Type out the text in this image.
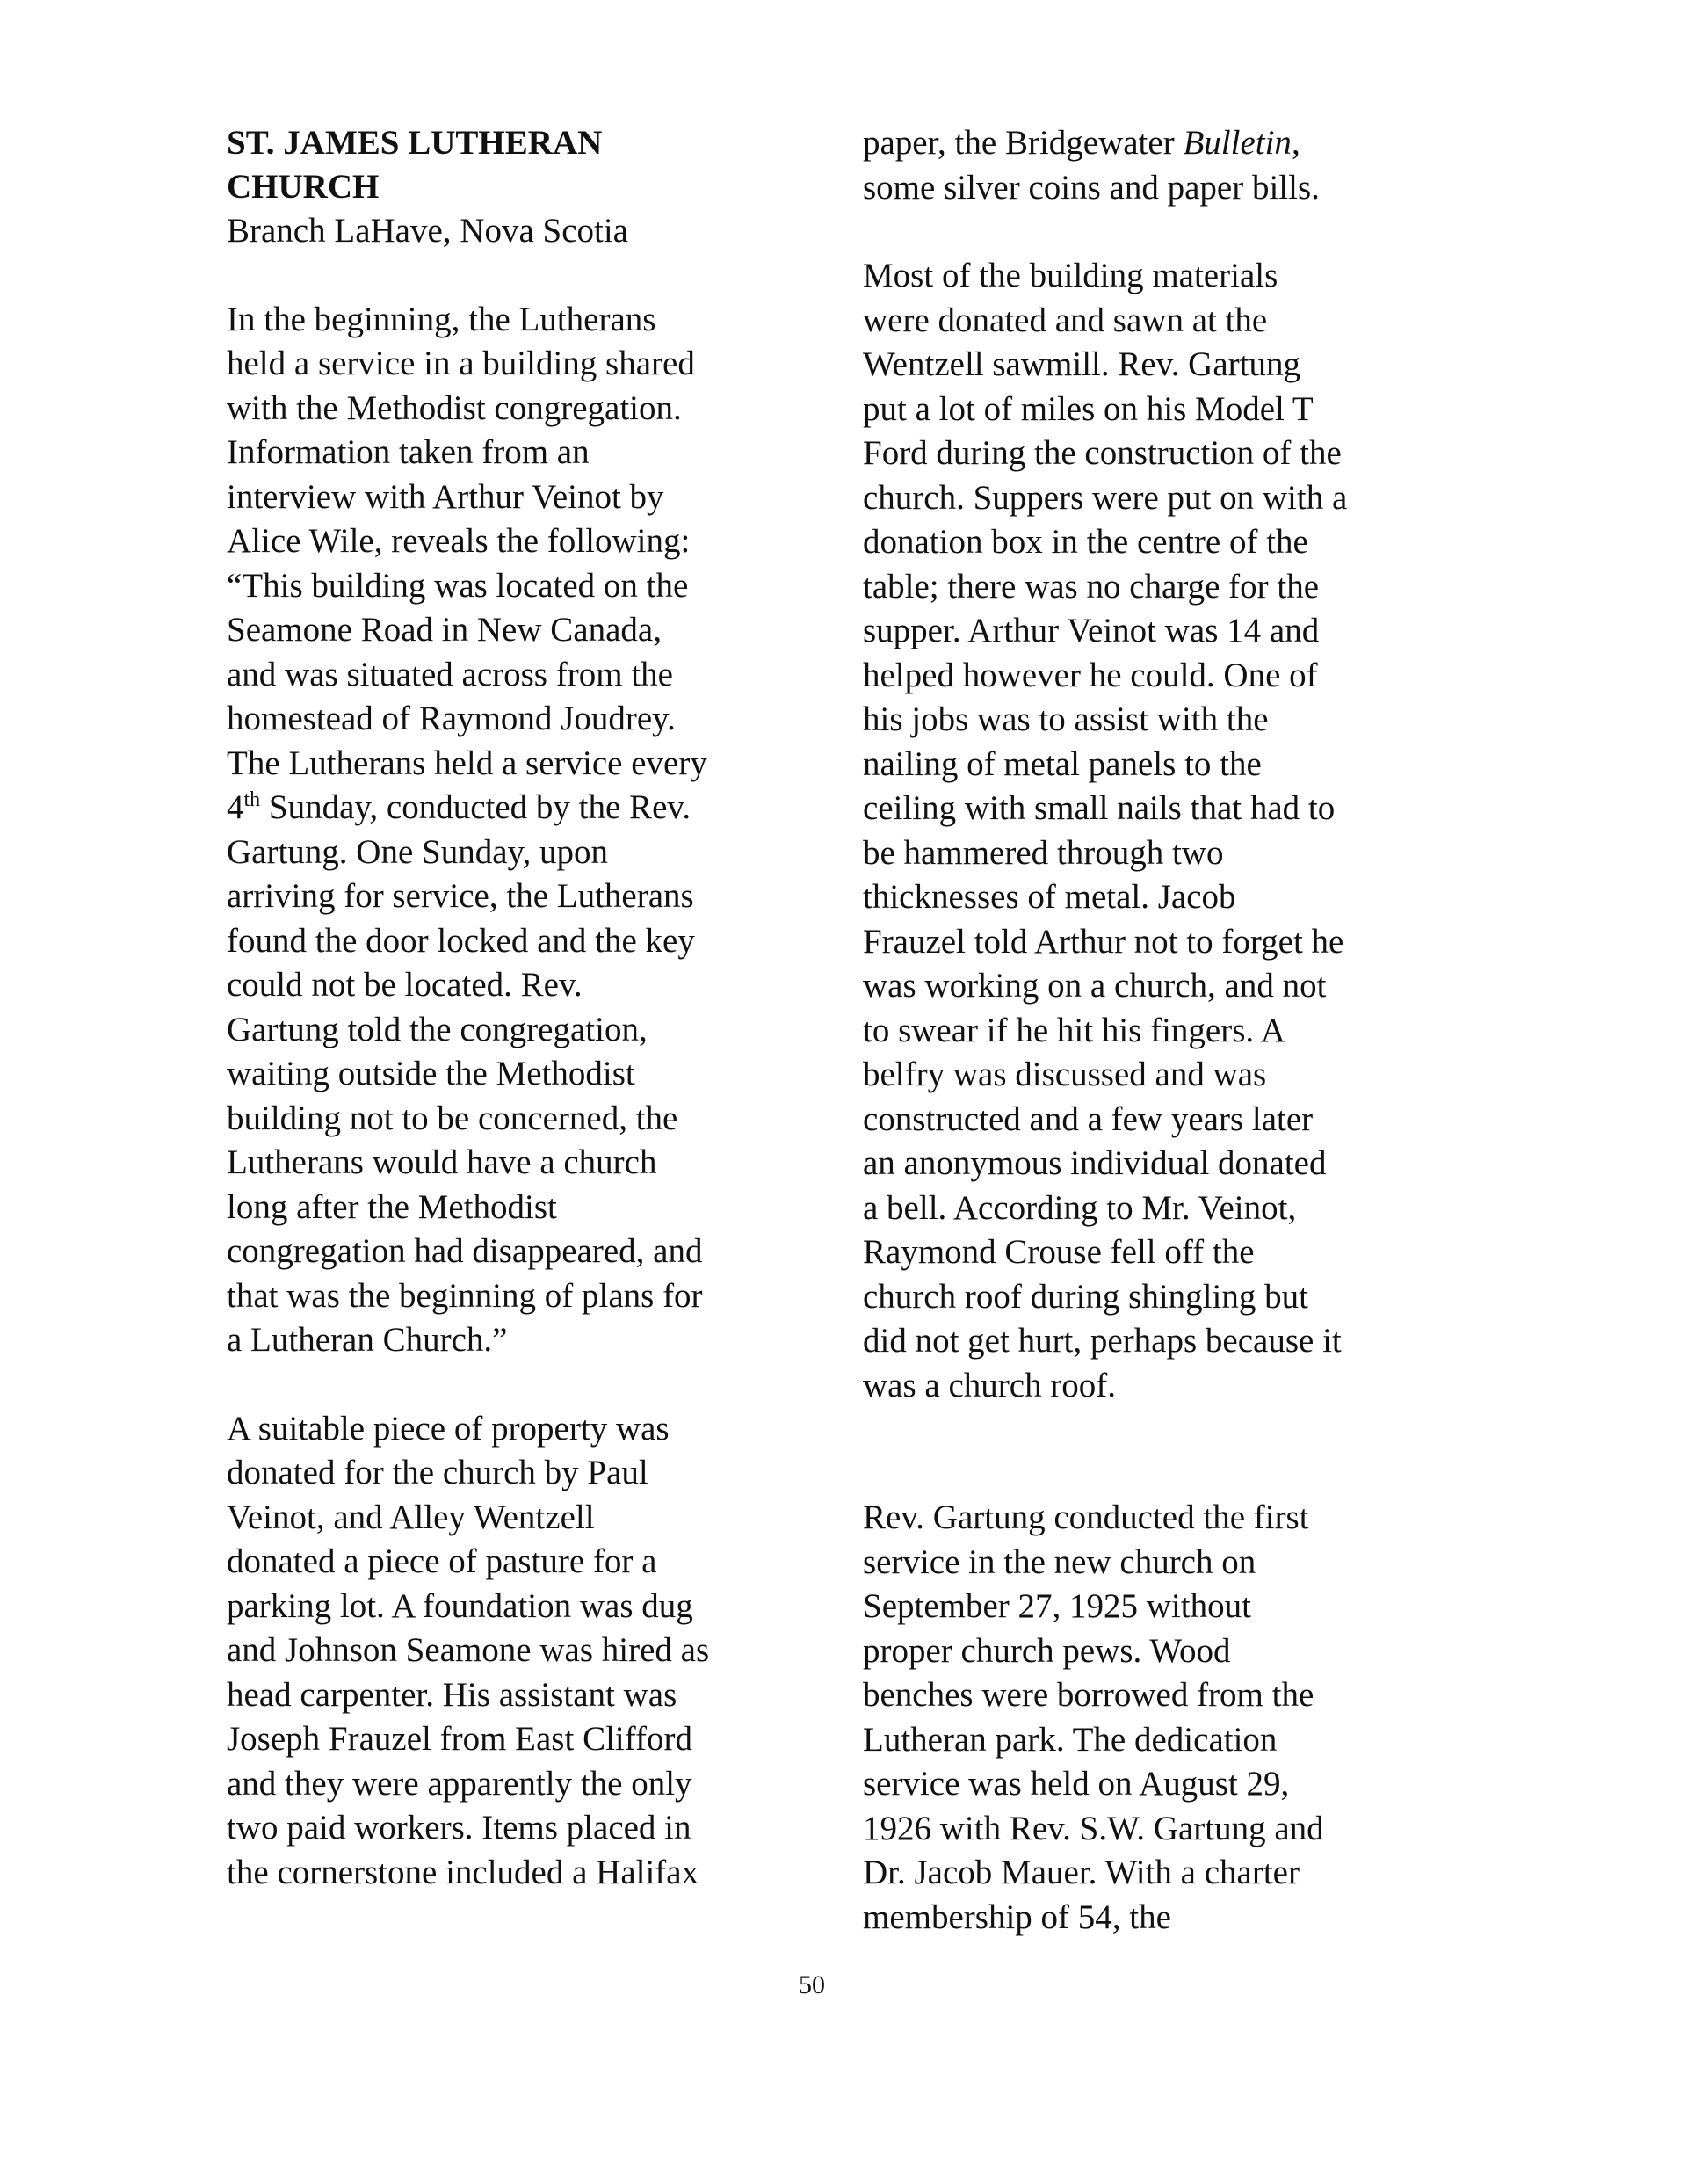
ST. JAMES LUTHERAN
CHURCH

Branch LaHave, Nova Scotia

In the beginning, the Lutherans
held a service in a building shared
with the Methodist congregation.
Information taken from an
interview with Arthur Veinot by
Alice Wile, reveals the following:
“This building was located on the
Seamone Road in New Canada,
and was situated across from the
homestead of Raymond Joudrey.
The Lutherans held a service every
4th Sunday, conducted by the Rev.
Gartung. One Sunday, upon
arriving for service, the Lutherans
found the door locked and the key
could not be located. Rev.
Gartung told the congregation,
waiting outside the Methodist
building not to be concerned, the
Lutherans would have a church
long after the Methodist
congregation had disappeared, and
that was the beginning of plans for
a Lutheran Church.”

A suitable piece of property was
donated for the church by Paul
Veinot, and Alley Wentzell
donated a piece of pasture for a
parking lot. A foundation was dug
and Johnson Seamone was hired as
head carpenter. His assistant was
Joseph Frauzel from East Clifford
and they were apparently the only
two paid workers. Items placed in
the cornerstone included a Halifax

paper, the Bridgewater Bulletin,
some silver coins and paper bills.

Most of the building materials
were donated and sawn at the
Wentzell sawmill. Rev. Gartung
put a lot of miles on his Model T
Ford during the construction of the
church. Suppers were put on with a
donation box in the centre of the
table; there was no charge for the
supper. Arthur Veinot was 14 and
helped however he could. One of
his jobs was to assist with the
nailing of metal panels to the
ceiling with small nails that had to
be hammered through two
thicknesses of metal. Jacob
Frauzel told Arthur not to forget he
was working on a church, and not
to swear if he hit his fingers. A
belfry was discussed and was
constructed and a few years later
an anonymous individual donated
a bell. According to Mr. Veinot,
Raymond Crouse fell off the
church roof during shingling but
did not get hurt, perhaps because it
was a church roof.

Rev. Gartung conducted the first
service in the new church on
September 27, 1925 without
proper church pews. Wood
benches were borrowed from the
Lutheran park. The dedication
service was held on August 29,
1926 with Rev. S.W. Gartung and
Dr. Jacob Mauer. With a charter
membership of 54, the

50
